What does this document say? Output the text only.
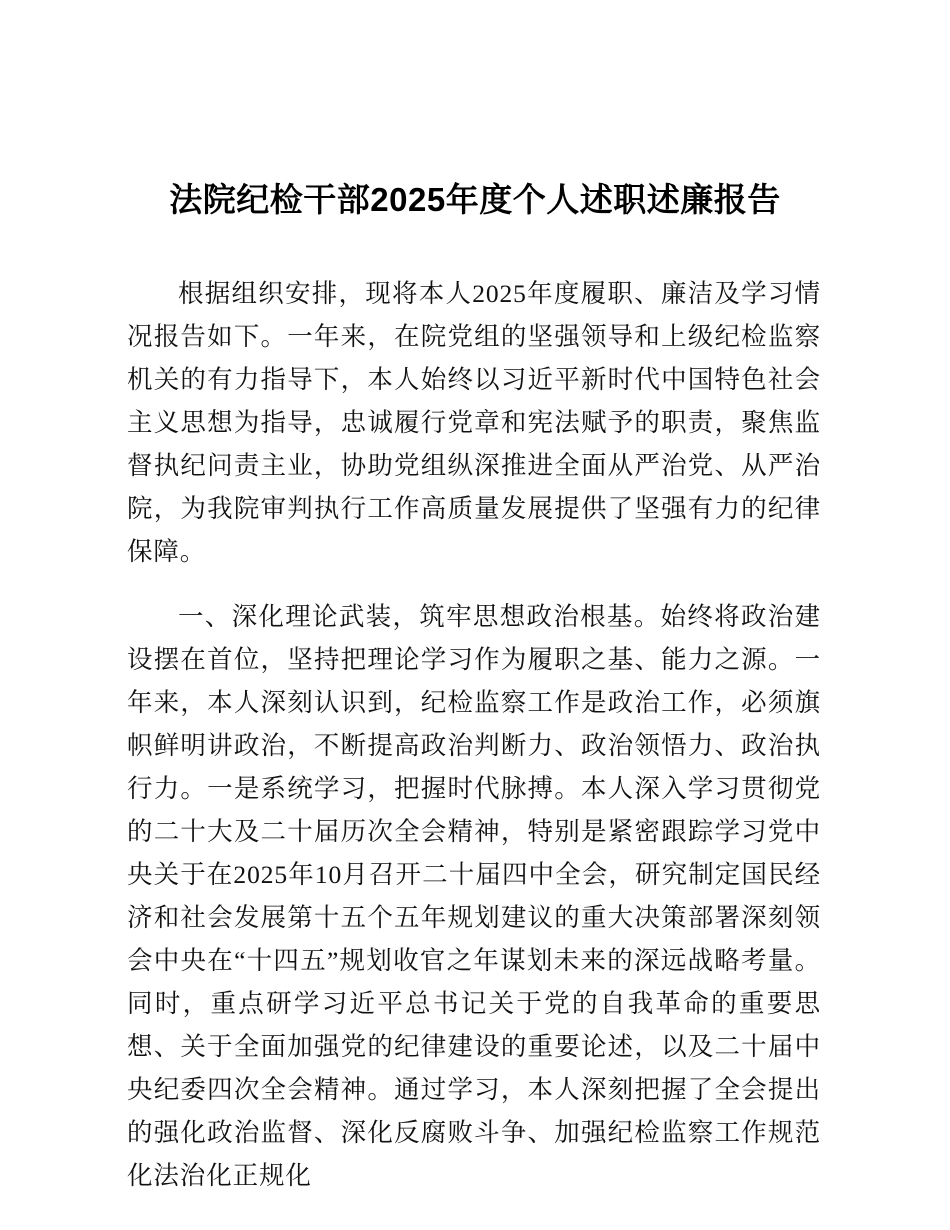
法院纪检干部2025年度个人述职述廉报告

根据组织安排，现将本人2025年度履职、廉洁及学习情况报告如下。一年来，在院党组的坚强领导和上级纪检监察机关的有力指导下，本人始终以习近平新时代中国特色社会主义思想为指导，忠诚履行党章和宪法赋予的职责，聚焦监督执纪问责主业，协助党组纵深推进全面从严治党、从严治院，为我院审判执行工作高质量发展提供了坚强有力的纪律保障。

一、深化理论武装，筑牢思想政治根基。始终将政治建设摆在首位，坚持把理论学习作为履职之基、能力之源。一年来，本人深刻认识到，纪检监察工作是政治工作，必须旗帜鲜明讲政治，不断提高政治判断力、政治领悟力、政治执行力。一是系统学习，把握时代脉搏。本人深入学习贯彻党的二十大及二十届历次全会精神，特别是紧密跟踪学习党中央关于在2025年10月召开二十届四中全会，研究制定国民经济和社会发展第十五个五年规划建议的重大决策部署深刻领会中央在“十四五”规划收官之年谋划未来的深远战略考量。同时，重点研学习近平总书记关于党的自我革命的重要思想、关于全面加强党的纪律建设的重要论述，以及二十届中央纪委四次全会精神。通过学习，本人深刻把握了全会提出的强化政治监督、深化反腐败斗争、加强纪检监察工作规范化法治化正规化
